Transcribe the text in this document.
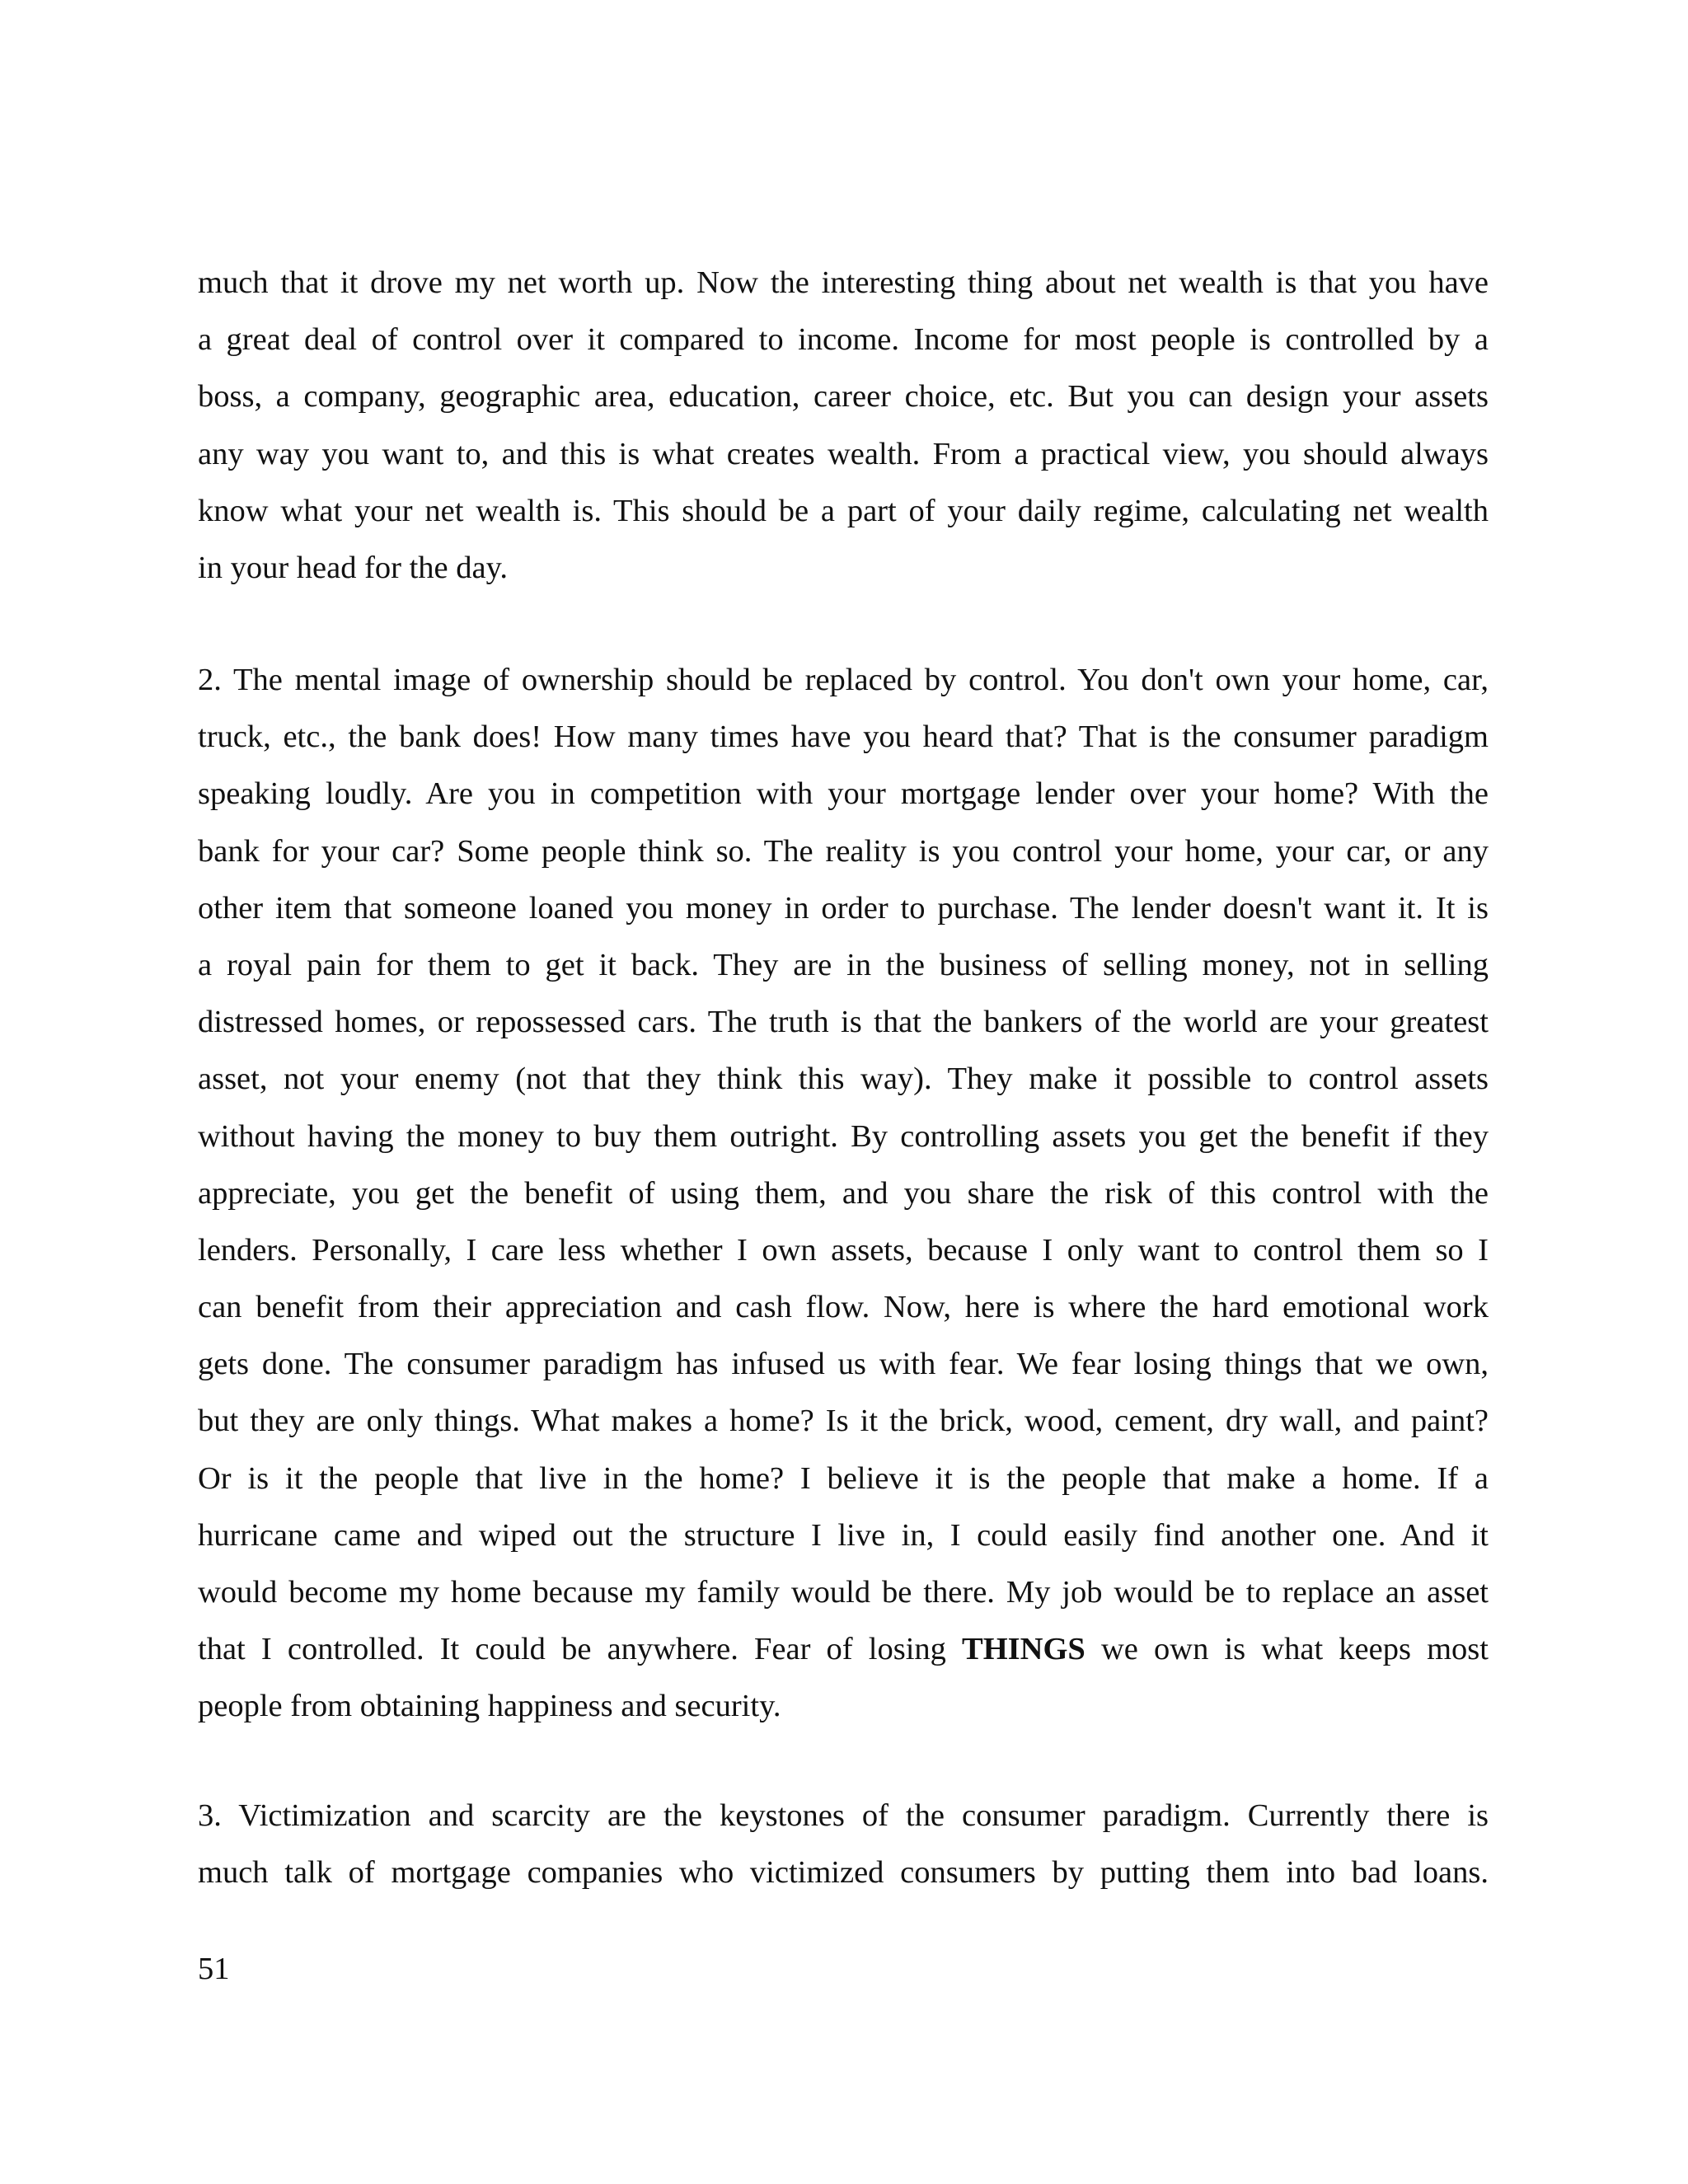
much that it drove my net worth up. Now the interesting thing about net wealth is that you have
a great deal of control over it compared to income. Income for most people is controlled by a
boss, a company, geographic area, education, career choice, etc. But you can design your assets
any way you want to, and this is what creates wealth. From a practical view, you should always
know what your net wealth is. This should be a part of your daily regime, calculating net wealth
in your head for the day.
2. The mental image of ownership should be replaced by control. You don't own your home, car,
truck, etc., the bank does! How many times have you heard that? That is the consumer paradigm
speaking loudly. Are you in competition with your mortgage lender over your home? With the
bank for your car? Some people think so. The reality is you control your home, your car, or any
other item that someone loaned you money in order to purchase. The lender doesn't want it. It is
a royal pain for them to get it back. They are in the business of selling money, not in selling
distressed homes, or repossessed cars. The truth is that the bankers of the world are your greatest
asset, not your enemy (not that they think this way). They make it possible to control assets
without having the money to buy them outright. By controlling assets you get the benefit if they
appreciate, you get the benefit of using them, and you share the risk of this control with the
lenders. Personally, I care less whether I own assets, because I only want to control them so I
can benefit from their appreciation and cash flow. Now, here is where the hard emotional work
gets done. The consumer paradigm has infused us with fear. We fear losing things that we own,
but they are only things. What makes a home? Is it the brick, wood, cement, dry wall, and paint?
Or is it the people that live in the home? I believe it is the people that make a home. If a
hurricane came and wiped out the structure I live in, I could easily find another one. And it
would become my home because my family would be there. My job would be to replace an asset
that I controlled. It could be anywhere. Fear of losing THINGS we own is what keeps most
people from obtaining happiness and security.
3. Victimization and scarcity are the keystones of the consumer paradigm. Currently there is
much talk of mortgage companies who victimized consumers by putting them into bad loans.
51
